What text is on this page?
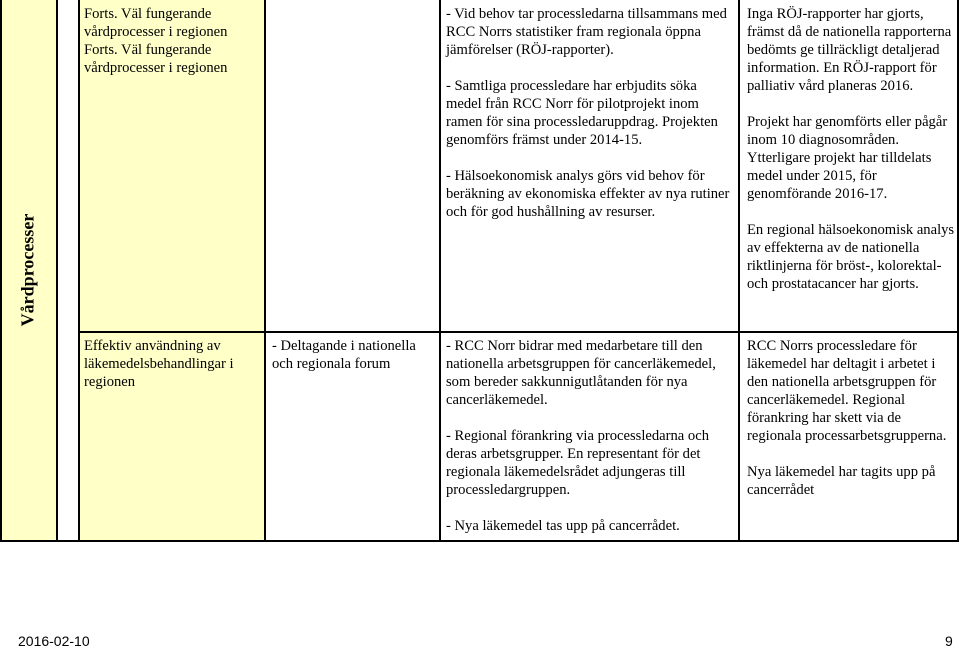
Vårdprocesser
Forts. Väl fungerande vårdprocesser i regionen
Forts. Väl fungerande vårdprocesser i regionen
- Vid behov tar processledarna tillsammans med RCC Norrs statistiker fram regionala öppna jämförelser (RÖJ-rapporter).
- Samtliga processledare har erbjudits söka medel från RCC Norr för pilotprojekt inom ramen för sina processledaruppdrag. Projekten genomförs främst under 2014-15.
- Hälsoekonomisk analys görs vid behov för beräkning av ekonomiska effekter av nya rutiner och för god hushållning av resurser.
Inga RÖJ-rapporter har gjorts, främst då de nationella rapporterna bedömts ge tillräckligt detaljerad information. En RÖJ-rapport för palliativ vård planeras 2016.
Projekt har genomförts eller pågår inom 10 diagnosområden. Ytterligare projekt har tilldelats medel under 2015, för genomförande 2016-17.
En regional hälsoekonomisk analys av effekterna av de nationella riktlinjerna för bröst-, kolorektal- och prostatacancer har gjorts.
Effektiv användning av läkemedelsbehandlingar i regionen
- Deltagande i nationella och regionala forum
- RCC Norr bidrar med medarbetare till den nationella arbetsgruppen för cancerläkemedel, som bereder sakkunnigutlåtanden för nya cancerläkemedel.
- Regional förankring via processledarna och deras arbetsgrupper. En representant för det regionala läkemedelsrådet adjungeras till processledargruppen.
- Nya läkemedel tas upp på cancerrådet.
RCC Norrs processledare för läkemedel har deltagit i arbetet i den nationella arbetsgruppen för cancerläkemedel. Regional förankring har skett via de regionala processarbetsgrupperna.
Nya läkemedel har tagits upp på cancerrådet
2016-02-10	9
